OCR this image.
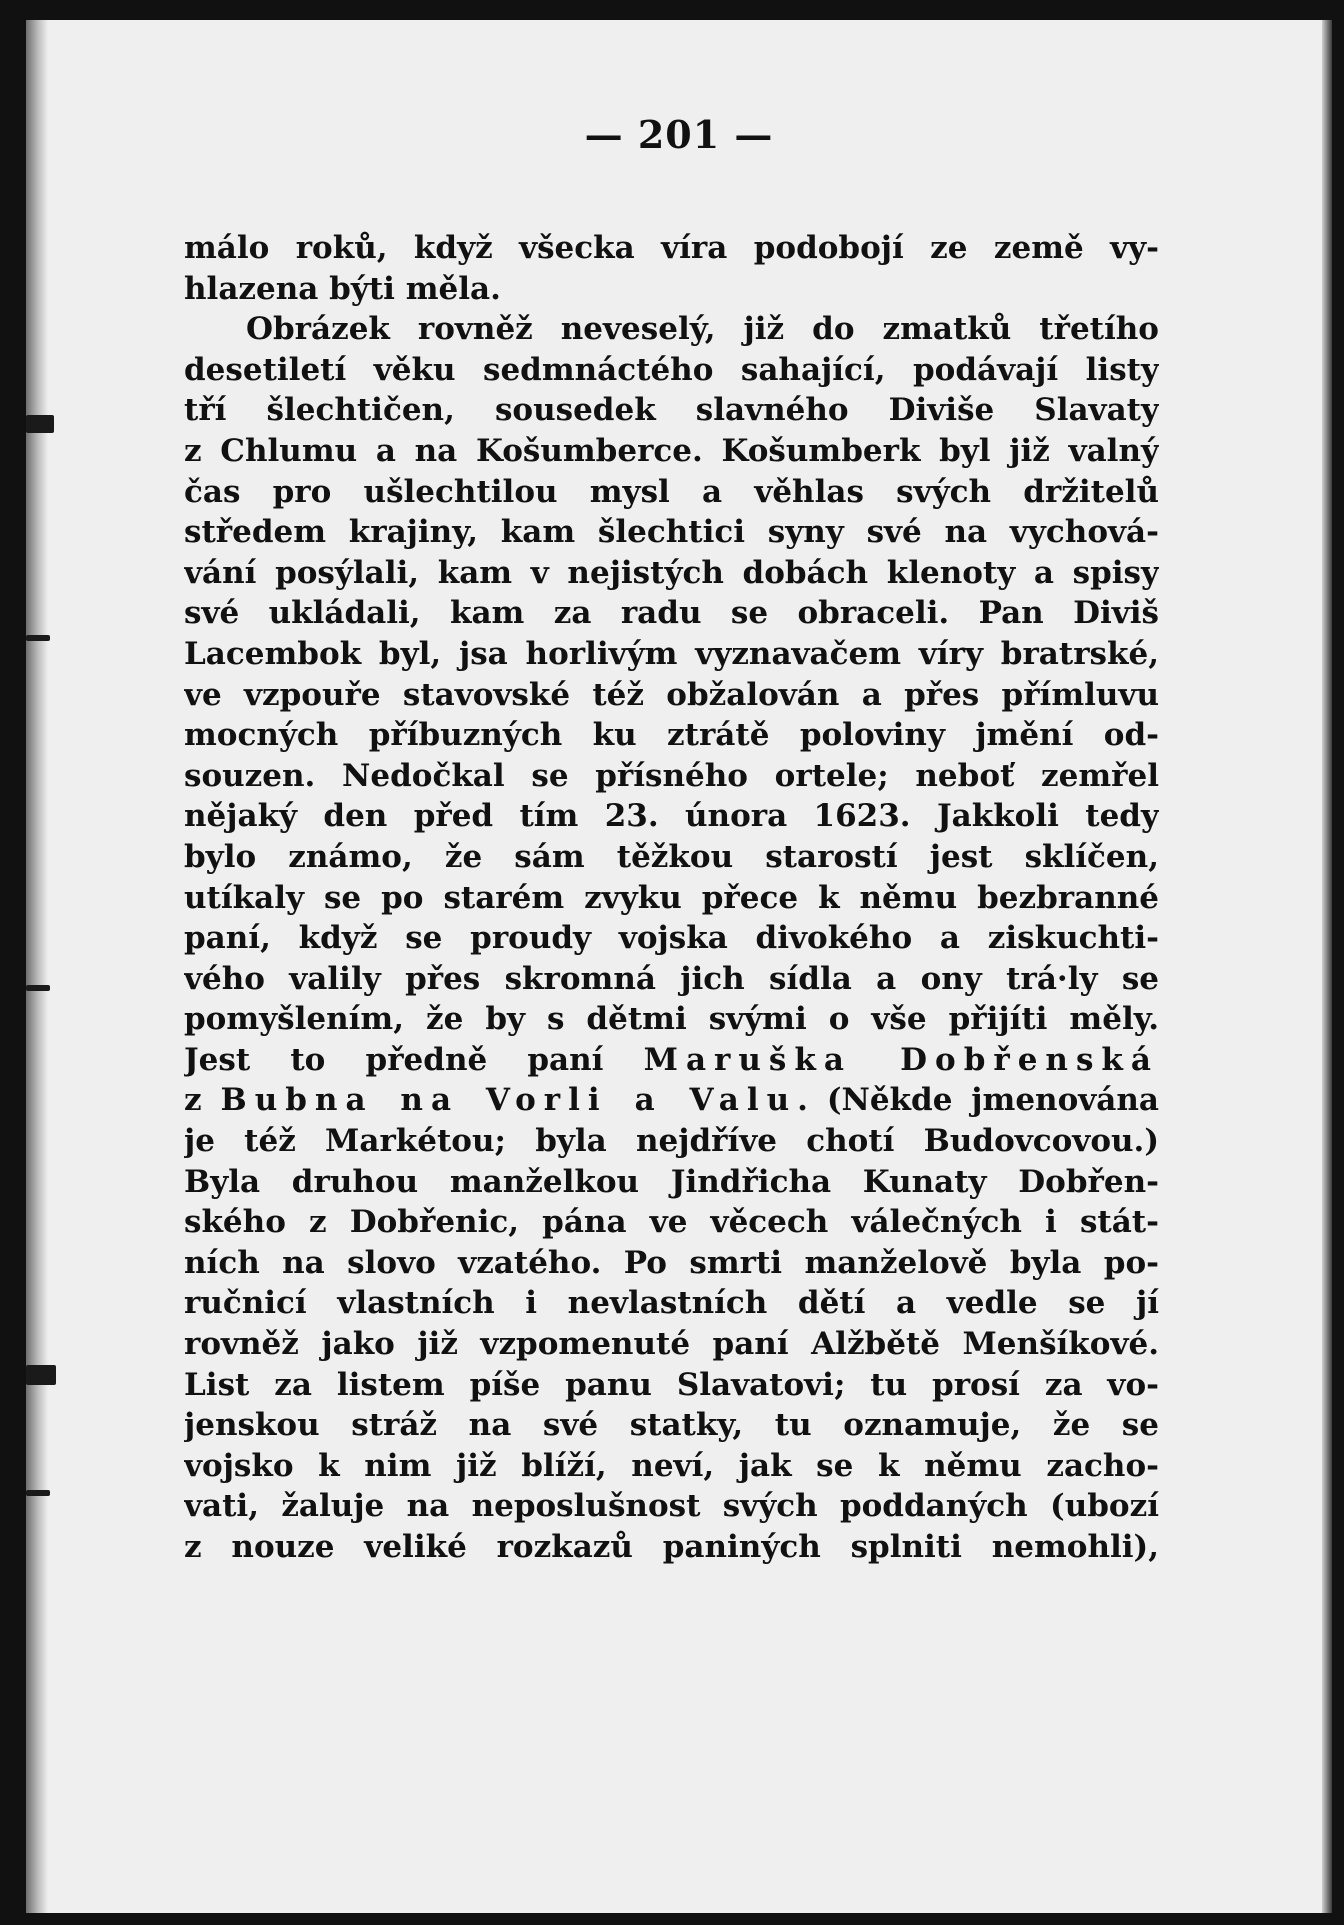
— 201 —
málo roků, když všecka víra podobojí ze země vy-
hlazena býti měla.
Obrázek rovněž neveselý, již do zmatků třetího
desetiletí věku sedmnáctého sahající, podávají listy
tří šlechtičen, sousedek slavného Diviše Slavaty
z Chlumu a na Košumberce. Košumberk byl již valný
čas pro ušlechtilou mysl a věhlas svých držitelů
středem krajiny, kam šlechtici syny své na vychová-
vání posýlali, kam v nejistých dobách klenoty a spisy
své ukládali, kam za radu se obraceli. Pan Diviš
Lacembok byl, jsa horlivým vyznavačem víry bratrské,
ve vzpouře stavovské též obžalován a přes přímluvu
mocných příbuzných ku ztrátě poloviny jmění od-
souzen. Nedočkal se přísného ortele; neboť zemřel
nějaký den před tím 23. února 1623. Jakkoli tedy
bylo známo, že sám těžkou starostí jest sklíčen,
utíkaly se po starém zvyku přece k němu bezbranné
paní, když se proudy vojska divokého a ziskuchti-
vého valily přes skromná jich sídla a ony trá·ly se
pomyšlením, že by s dětmi svými o vše přijíti měly.
Jest to předně paní Maruška Dobřenská
z Bubna na Vorli a Valu. (Někde jmenována
je též Markétou; byla nejdříve chotí Budovcovou.)
Byla druhou manželkou Jindřicha Kunaty Dobřen-
ského z Dobřenic, pána ve věcech válečných i stát-
ních na slovo vzatého. Po smrti manželově byla po-
ručnicí vlastních i nevlastních dětí a vedle se jí
rovněž jako již vzpomenuté paní Alžbětě Menšíkové.
List za listem píše panu Slavatovi; tu prosí za vo-
jenskou stráž na své statky, tu oznamuje, že se
vojsko k nim již blíží, neví, jak se k němu zacho-
vati, žaluje na neposlušnost svých poddaných (ubozí
z nouze veliké rozkazů paniných splniti nemohli),
